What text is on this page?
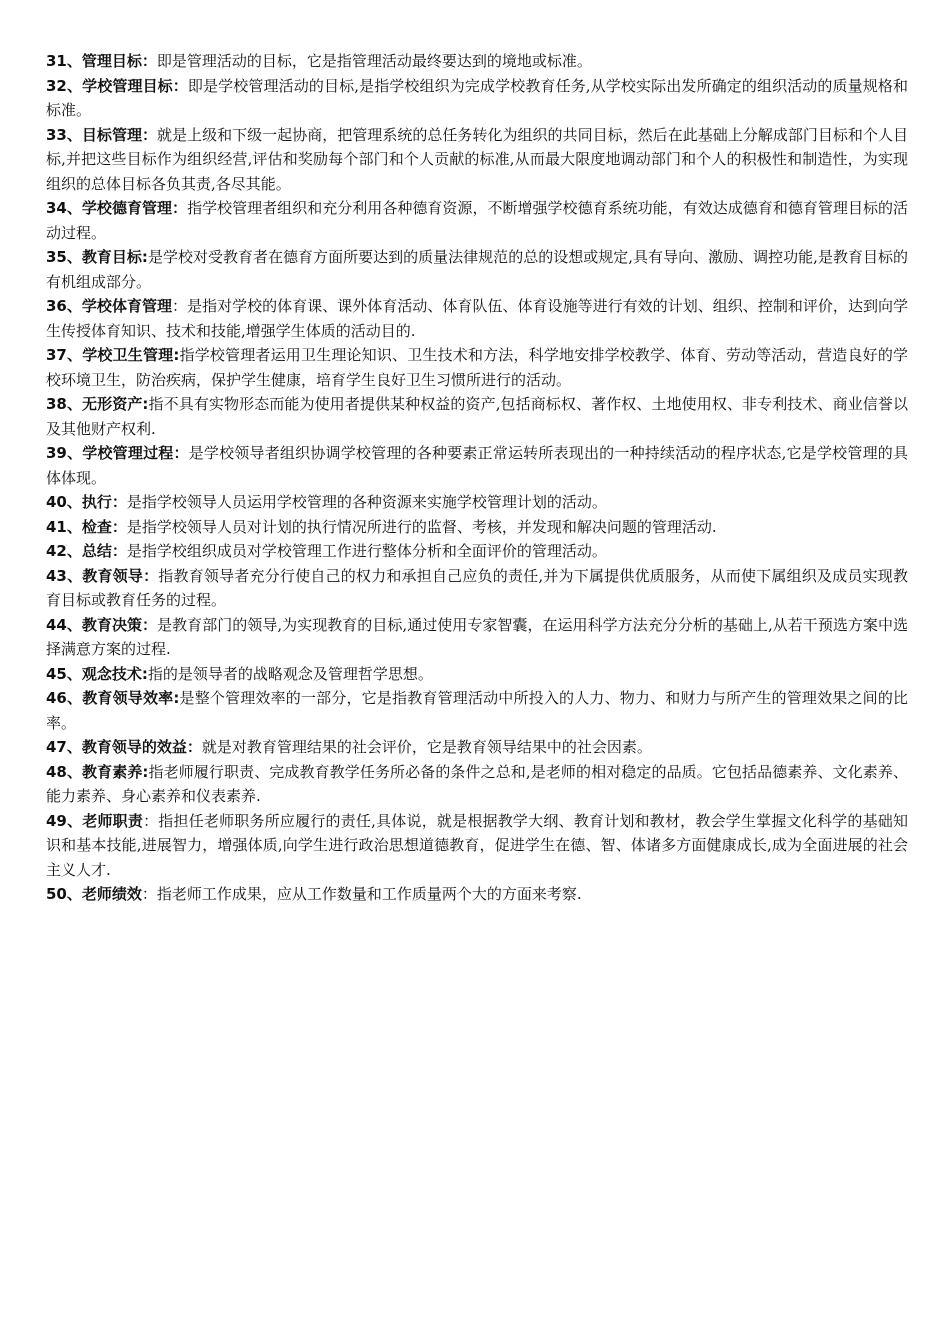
31、管理目标：即是管理活动的目标，它是指管理活动最终要达到的境地或标准。

32、学校管理目标：即是学校管理活动的目标,是指学校组织为完成学校教育任务,从学校实际出发所确定的组织活动的质量规格和标准。

33、目标管理：就是上级和下级一起协商，把管理系统的总任务转化为组织的共同目标，然后在此基础上分解成部门目标和个人目标,并把这些目标作为组织经营,评估和奖励每个部门和个人贡献的标准,从而最大限度地调动部门和个人的积极性和制造性，为实现组织的总体目标各负其责,各尽其能。

34、学校德育管理：指学校管理者组织和充分利用各种德育资源，不断增强学校德育系统功能，有效达成德育和德育管理目标的活动过程。

35、教育目标:是学校对受教育者在德育方面所要达到的质量法律规范的总的设想或规定,具有导向、激励、调控功能,是教育目标的有机组成部分。

36、学校体育管理：是指对学校的体育课、课外体育活动、体育队伍、体育设施等进行有效的计划、组织、控制和评价，达到向学生传授体育知识、技术和技能,增强学生体质的活动目的.

37、学校卫生管理:指学校管理者运用卫生理论知识、卫生技术和方法，科学地安排学校教学、体育、劳动等活动，营造良好的学校环境卫生，防治疾病，保护学生健康，培育学生良好卫生习惯所进行的活动。

38、无形资产:指不具有实物形态而能为使用者提供某种权益的资产,包括商标权、著作权、土地使用权、非专利技术、商业信誉以及其他财产权利.

39、学校管理过程：是学校领导者组织协调学校管理的各种要素正常运转所表现出的一种持续活动的程序状态,它是学校管理的具体体现。

40、执行：是指学校领导人员运用学校管理的各种资源来实施学校管理计划的活动。

41、检查：是指学校领导人员对计划的执行情况所进行的监督、考核，并发现和解决问题的管理活动.

42、总结：是指学校组织成员对学校管理工作进行整体分析和全面评价的管理活动。

43、教育领导：指教育领导者充分行使自己的权力和承担自己应负的责任,并为下属提供优质服务，从而使下属组织及成员实现教育目标或教育任务的过程。

44、教育决策：是教育部门的领导,为实现教育的目标,通过使用专家智囊，在运用科学方法充分分析的基础上,从若干预选方案中选择满意方案的过程.

45、观念技术:指的是领导者的战略观念及管理哲学思想。

46、教育领导效率:是整个管理效率的一部分，它是指教育管理活动中所投入的人力、物力、和财力与所产生的管理效果之间的比率。

47、教育领导的效益：就是对教育管理结果的社会评价，它是教育领导结果中的社会因素。

48、教育素养:指老师履行职责、完成教育教学任务所必备的条件之总和,是老师的相对稳定的品质。它包括品德素养、文化素养、能力素养、身心素养和仪表素养.

49、老师职责：指担任老师职务所应履行的责任,具体说，就是根据教学大纲、教育计划和教材，教会学生掌握文化科学的基础知识和基本技能,进展智力，增强体质,向学生进行政治思想道德教育，促进学生在德、智、体诸多方面健康成长,成为全面进展的社会主义人才.

50、老师绩效：指老师工作成果，应从工作数量和工作质量两个大的方面来考察.
